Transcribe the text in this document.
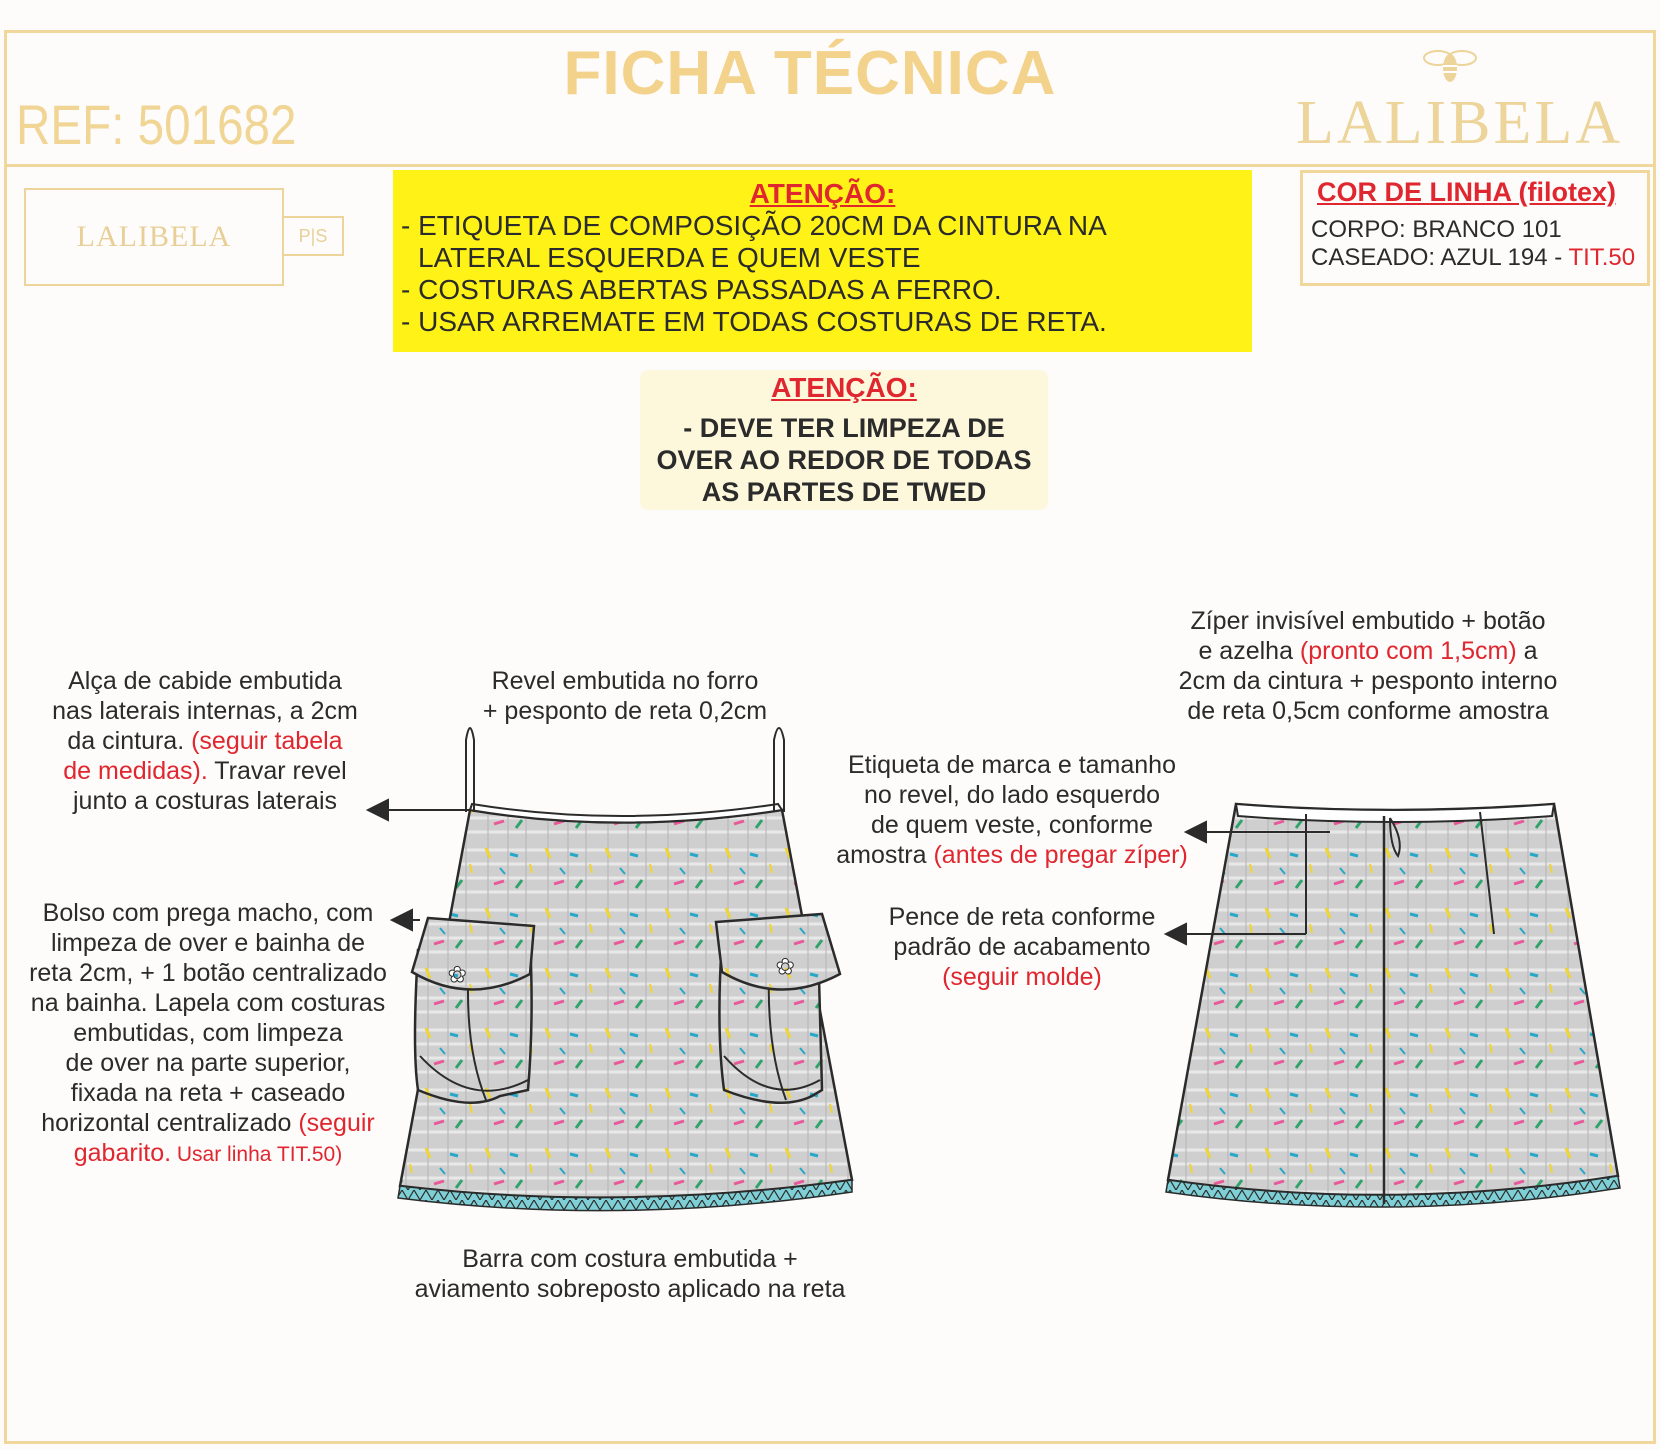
FICHA TÉCNICA
REF: 501682	LALIBELA
LALIBELA	P|S
ATENÇÃO:
- ETIQUETA DE COMPOSIÇÃO 20CM DA CINTURA NA
LATERAL ESQUERDA E QUEM VESTE
- COSTURAS ABERTAS PASSADAS A FERRO.
- USAR ARREMATE EM TODAS COSTURAS DE RETA.
COR DE LINHA (filotex)
CORPO: BRANCO 101
CASEADO: AZUL 194 - TIT.50
ATENÇÃO:
- DEVE TER LIMPEZA DE
OVER AO REDOR DE TODAS
AS PARTES DE TWED
✿	✿
Alça de cabide embutida
nas laterais internas, a 2cm
da cintura. (seguir tabela
de medidas). Travar revel
junto a costuras laterais
Revel embutida no forro
+ pesponto de reta 0,2cm
Bolso com prega macho, com
limpeza de over e bainha de
reta 2cm, + 1 botão centralizado
na bainha. Lapela com costuras
embutidas, com limpeza
de over na parte superior,
fixada na reta + caseado
horizontal centralizado (seguir
gabarito. Usar linha TIT.50)
Barra com costura embutida +
aviamento sobreposto aplicado na reta
Zíper invisível embutido + botão
e azelha (pronto com 1,5cm) a
2cm da cintura + pesponto interno
de reta 0,5cm conforme amostra
Etiqueta de marca e tamanho
no revel, do lado esquerdo
de quem veste, conforme
amostra (antes de pregar zíper)
Pence de reta conforme
padrão de acabamento
(seguir molde)
